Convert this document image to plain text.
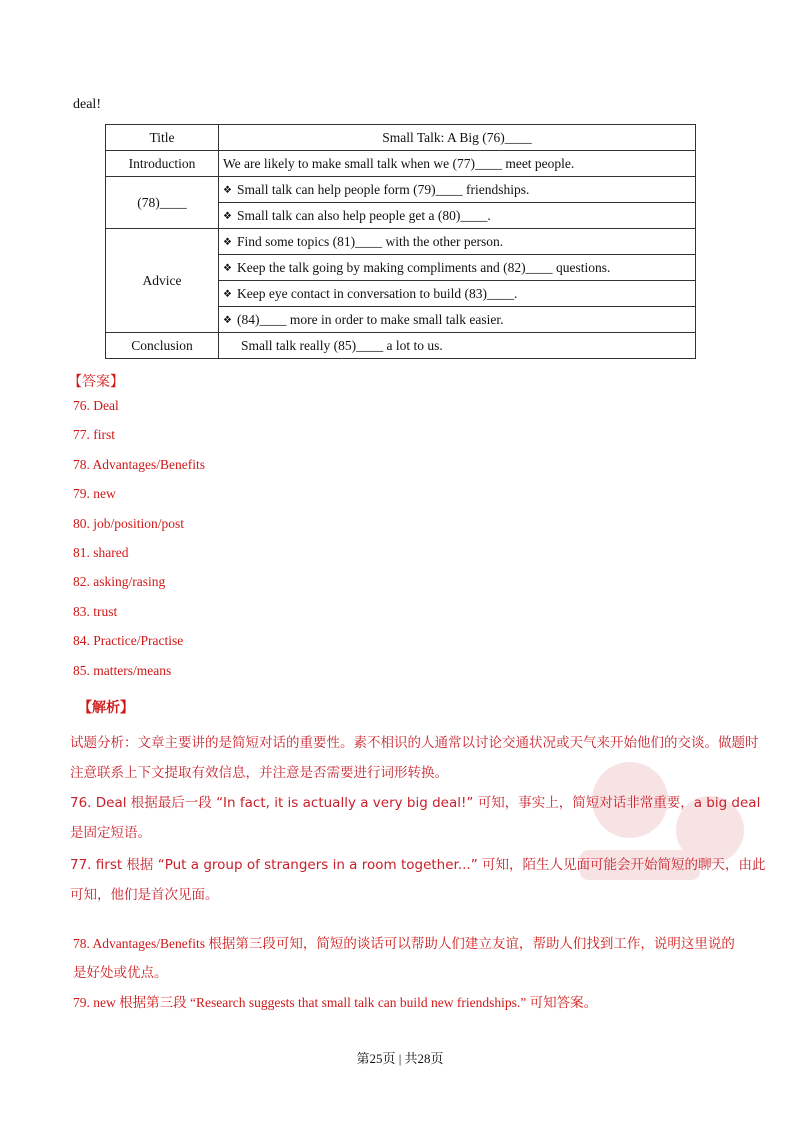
deal!
Title	Small Talk: A Big (76)____
Introduction	We are likely to make small talk when we (77)____ meet people.
(78)____	❖ Small talk can help people form (79)____ friendships.
	❖ Small talk can also help people get a (80)____.
Advice	❖ Find some topics (81)____ with the other person.
	❖ Keep the talk going by making compliments and (82)____ questions.
	❖ Keep eye contact in conversation to build (83)____.
	❖ (84)____ more in order to make small talk easier.
Conclusion	Small talk really (85)____ a lot to us.
【答案】
76. Deal
77. first
78. Advantages/Benefits
79. new
80. job/position/post
81. shared
82. asking/rasing
83. trust
84. Practice/Practise
85. matters/means
【解析】
试题分析：文章主要讲的是简短对话的重要性。素不相识的人通常以讨论交通状况或天气来开始他们的交谈。做题时注意联系上下文提取有效信息，并注意是否需要进行词形转换。
76. Deal 根据最后一段 “In fact, it is actually a very big deal!” 可知，事实上，简短对话非常重要，a big deal 是固定短语。
77. first 根据 “Put a group of strangers in a room together...” 可知，陌生人见面可能会开始简短的聊天，由此可知，他们是首次见面。
78. Advantages/Benefits 根据第三段可知，简短的谈话可以帮助人们建立友谊，帮助人们找到工作，说明这里说的是好处或优点。
79. new 根据第三段 “Research suggests that small talk can build new friendships.” 可知答案。
第25页 | 共28页
